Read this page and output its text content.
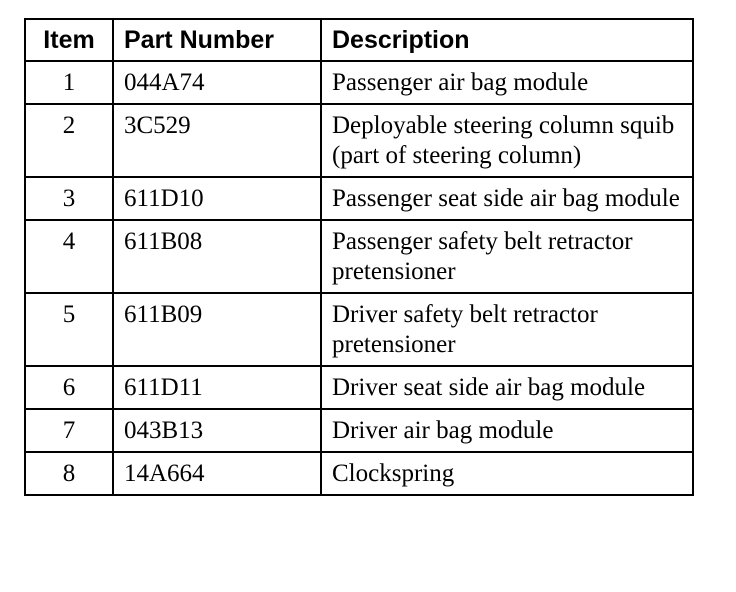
Item	Part Number	Description
1	044A74	Passenger air bag module
2	3C529	Deployable steering column squib (part of steering column)
3	611D10	Passenger seat side air bag module
4	611B08	Passenger safety belt retractor pretensioner
5	611B09	Driver safety belt retractor pretensioner
6	611D11	Driver seat side air bag module
7	043B13	Driver air bag module
8	14A664	Clockspring
